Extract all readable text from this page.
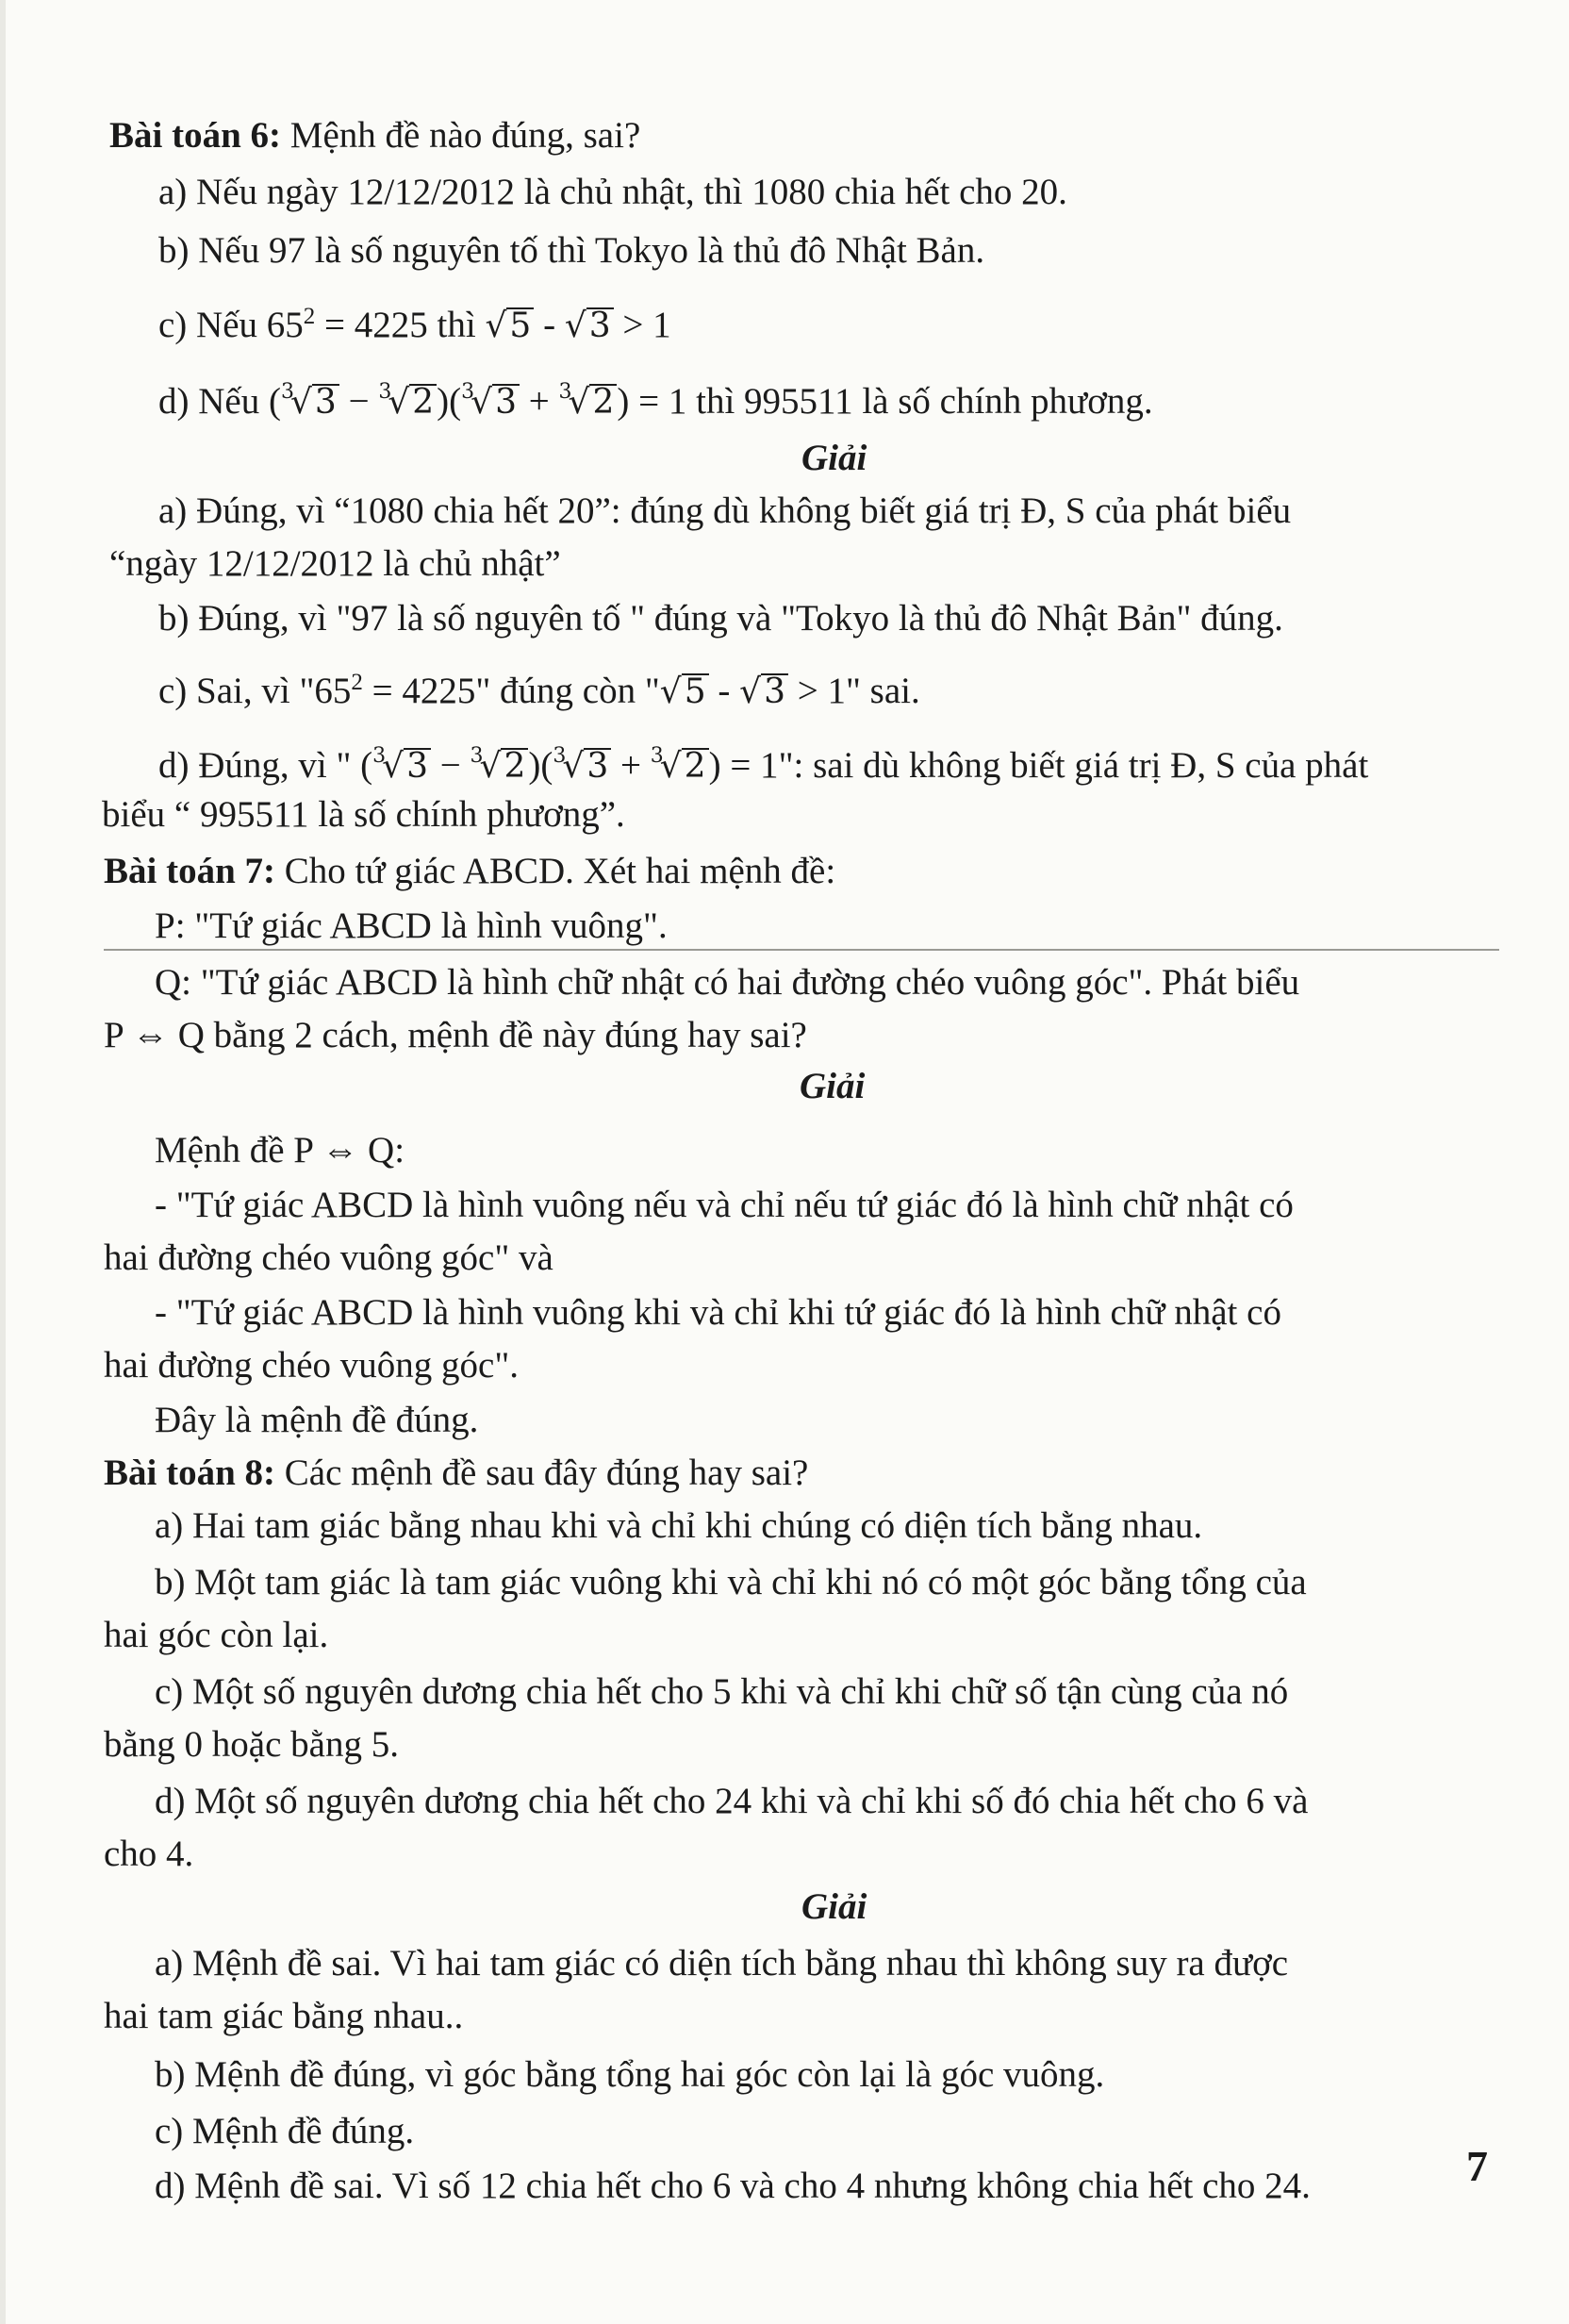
Bài toán 6: Mệnh đề nào đúng, sai?
a) Nếu ngày 12/12/2012 là chủ nhật, thì 1080 chia hết cho 20.
b) Nếu 97 là số nguyên tố thì Tokyo là thủ đô Nhật Bản.
c) Nếu $65^2 = 4225$ thì √5 - √3 > 1
d) Nếu ($^3$√3 − $^3$√2)($^3$√3 + $^3$√2) = 1 thì 995511 là số chính phương.
Giải
a) Đúng, vì “1080 chia hết 20”: đúng dù không biết giá trị Đ, S của phát biểu
“ngày 12/12/2012 là chủ nhật”
b) Đúng, vì "97 là số nguyên tố " đúng và "Tokyo là thủ đô Nhật Bản" đúng.
c) Sai, vì "$65^2 = 4225$" đúng còn "√5 - √3 > 1" sai.
d) Đúng, vì " ($^3$√3 − $^3$√2)($^3$√3 + $^3$√2) = 1": sai dù không biết giá trị Đ, S của phát
biểu “ 995511 là số chính phương”.
Bài toán 7: Cho tứ giác ABCD. Xét hai mệnh đề:
P: "Tứ giác ABCD là hình vuông".
Q: "Tứ giác ABCD là hình chữ nhật có hai đường chéo vuông góc". Phát biểu
P ⇔ Q bằng 2 cách, mệnh đề này đúng hay sai?
Giải
Mệnh đề P ⇔ Q:
- "Tứ giác ABCD là hình vuông nếu và chỉ nếu tứ giác đó là hình chữ nhật có
hai đường chéo vuông góc" và
- "Tứ giác ABCD là hình vuông khi và chỉ khi tứ giác đó là hình chữ nhật có
hai đường chéo vuông góc".
Đây là mệnh đề đúng.
Bài toán 8: Các mệnh đề sau đây đúng hay sai?
a) Hai tam giác bằng nhau khi và chỉ khi chúng có diện tích bằng nhau.
b) Một tam giác là tam giác vuông khi và chỉ khi nó có một góc bằng tổng của
hai góc còn lại.
c) Một số nguyên dương chia hết cho 5 khi và chỉ khi chữ số tận cùng của nó
bằng 0 hoặc bằng 5.
d) Một số nguyên dương chia hết cho 24 khi và chỉ khi số đó chia hết cho 6 và
cho 4.
Giải
a) Mệnh đề sai. Vì hai tam giác có diện tích bằng nhau thì không suy ra được
hai tam giác bằng nhau..
b) Mệnh đề đúng, vì góc bằng tổng hai góc còn lại là góc vuông.
c) Mệnh đề đúng.
d) Mệnh đề sai. Vì số 12 chia hết cho 6 và cho 4 nhưng không chia hết cho 24.	7
